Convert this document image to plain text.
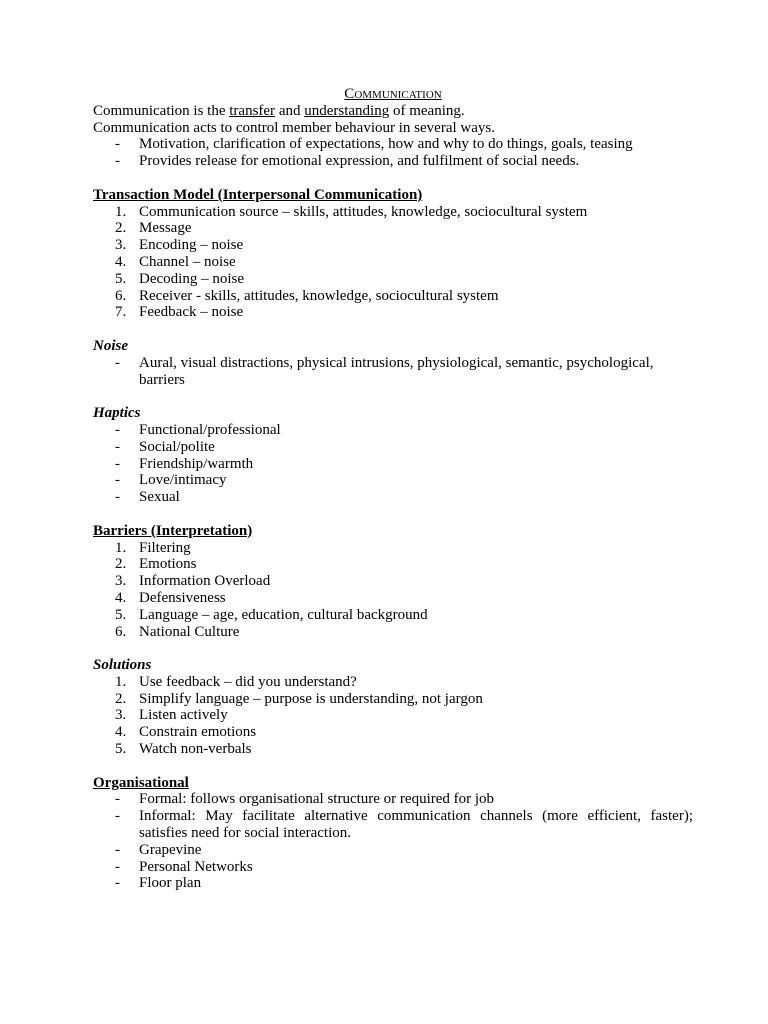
COMMUNICATION
Communication is the transfer and understanding of meaning.
Communication acts to control member behaviour in several ways.
-	Motivation, clarification of expectations, how and why to do things, goals, teasing
-	Provides release for emotional expression, and fulfilment of social needs.
Transaction Model (Interpersonal Communication)
1. Communication source – skills, attitudes, knowledge, sociocultural system
2. Message
3. Encoding – noise
4. Channel – noise
5. Decoding – noise
6. Receiver - skills, attitudes, knowledge, sociocultural system
7. Feedback – noise
Noise
-	Aural, visual distractions, physical intrusions, physiological, semantic, psychological, barriers
Haptics
-	Functional/professional
-	Social/polite
-	Friendship/warmth
-	Love/intimacy
-	Sexual
Barriers (Interpretation)
1. Filtering
2. Emotions
3. Information Overload
4. Defensiveness
5. Language – age, education, cultural background
6. National Culture
Solutions
1. Use feedback – did you understand?
2. Simplify language – purpose is understanding, not jargon
3. Listen actively
4. Constrain emotions
5. Watch non-verbals
Organisational
-	Formal: follows organisational structure or required for job
-	Informal: May facilitate alternative communication channels (more efficient, faster); satisfies need for social interaction.
-	Grapevine
-	Personal Networks
-	Floor plan
